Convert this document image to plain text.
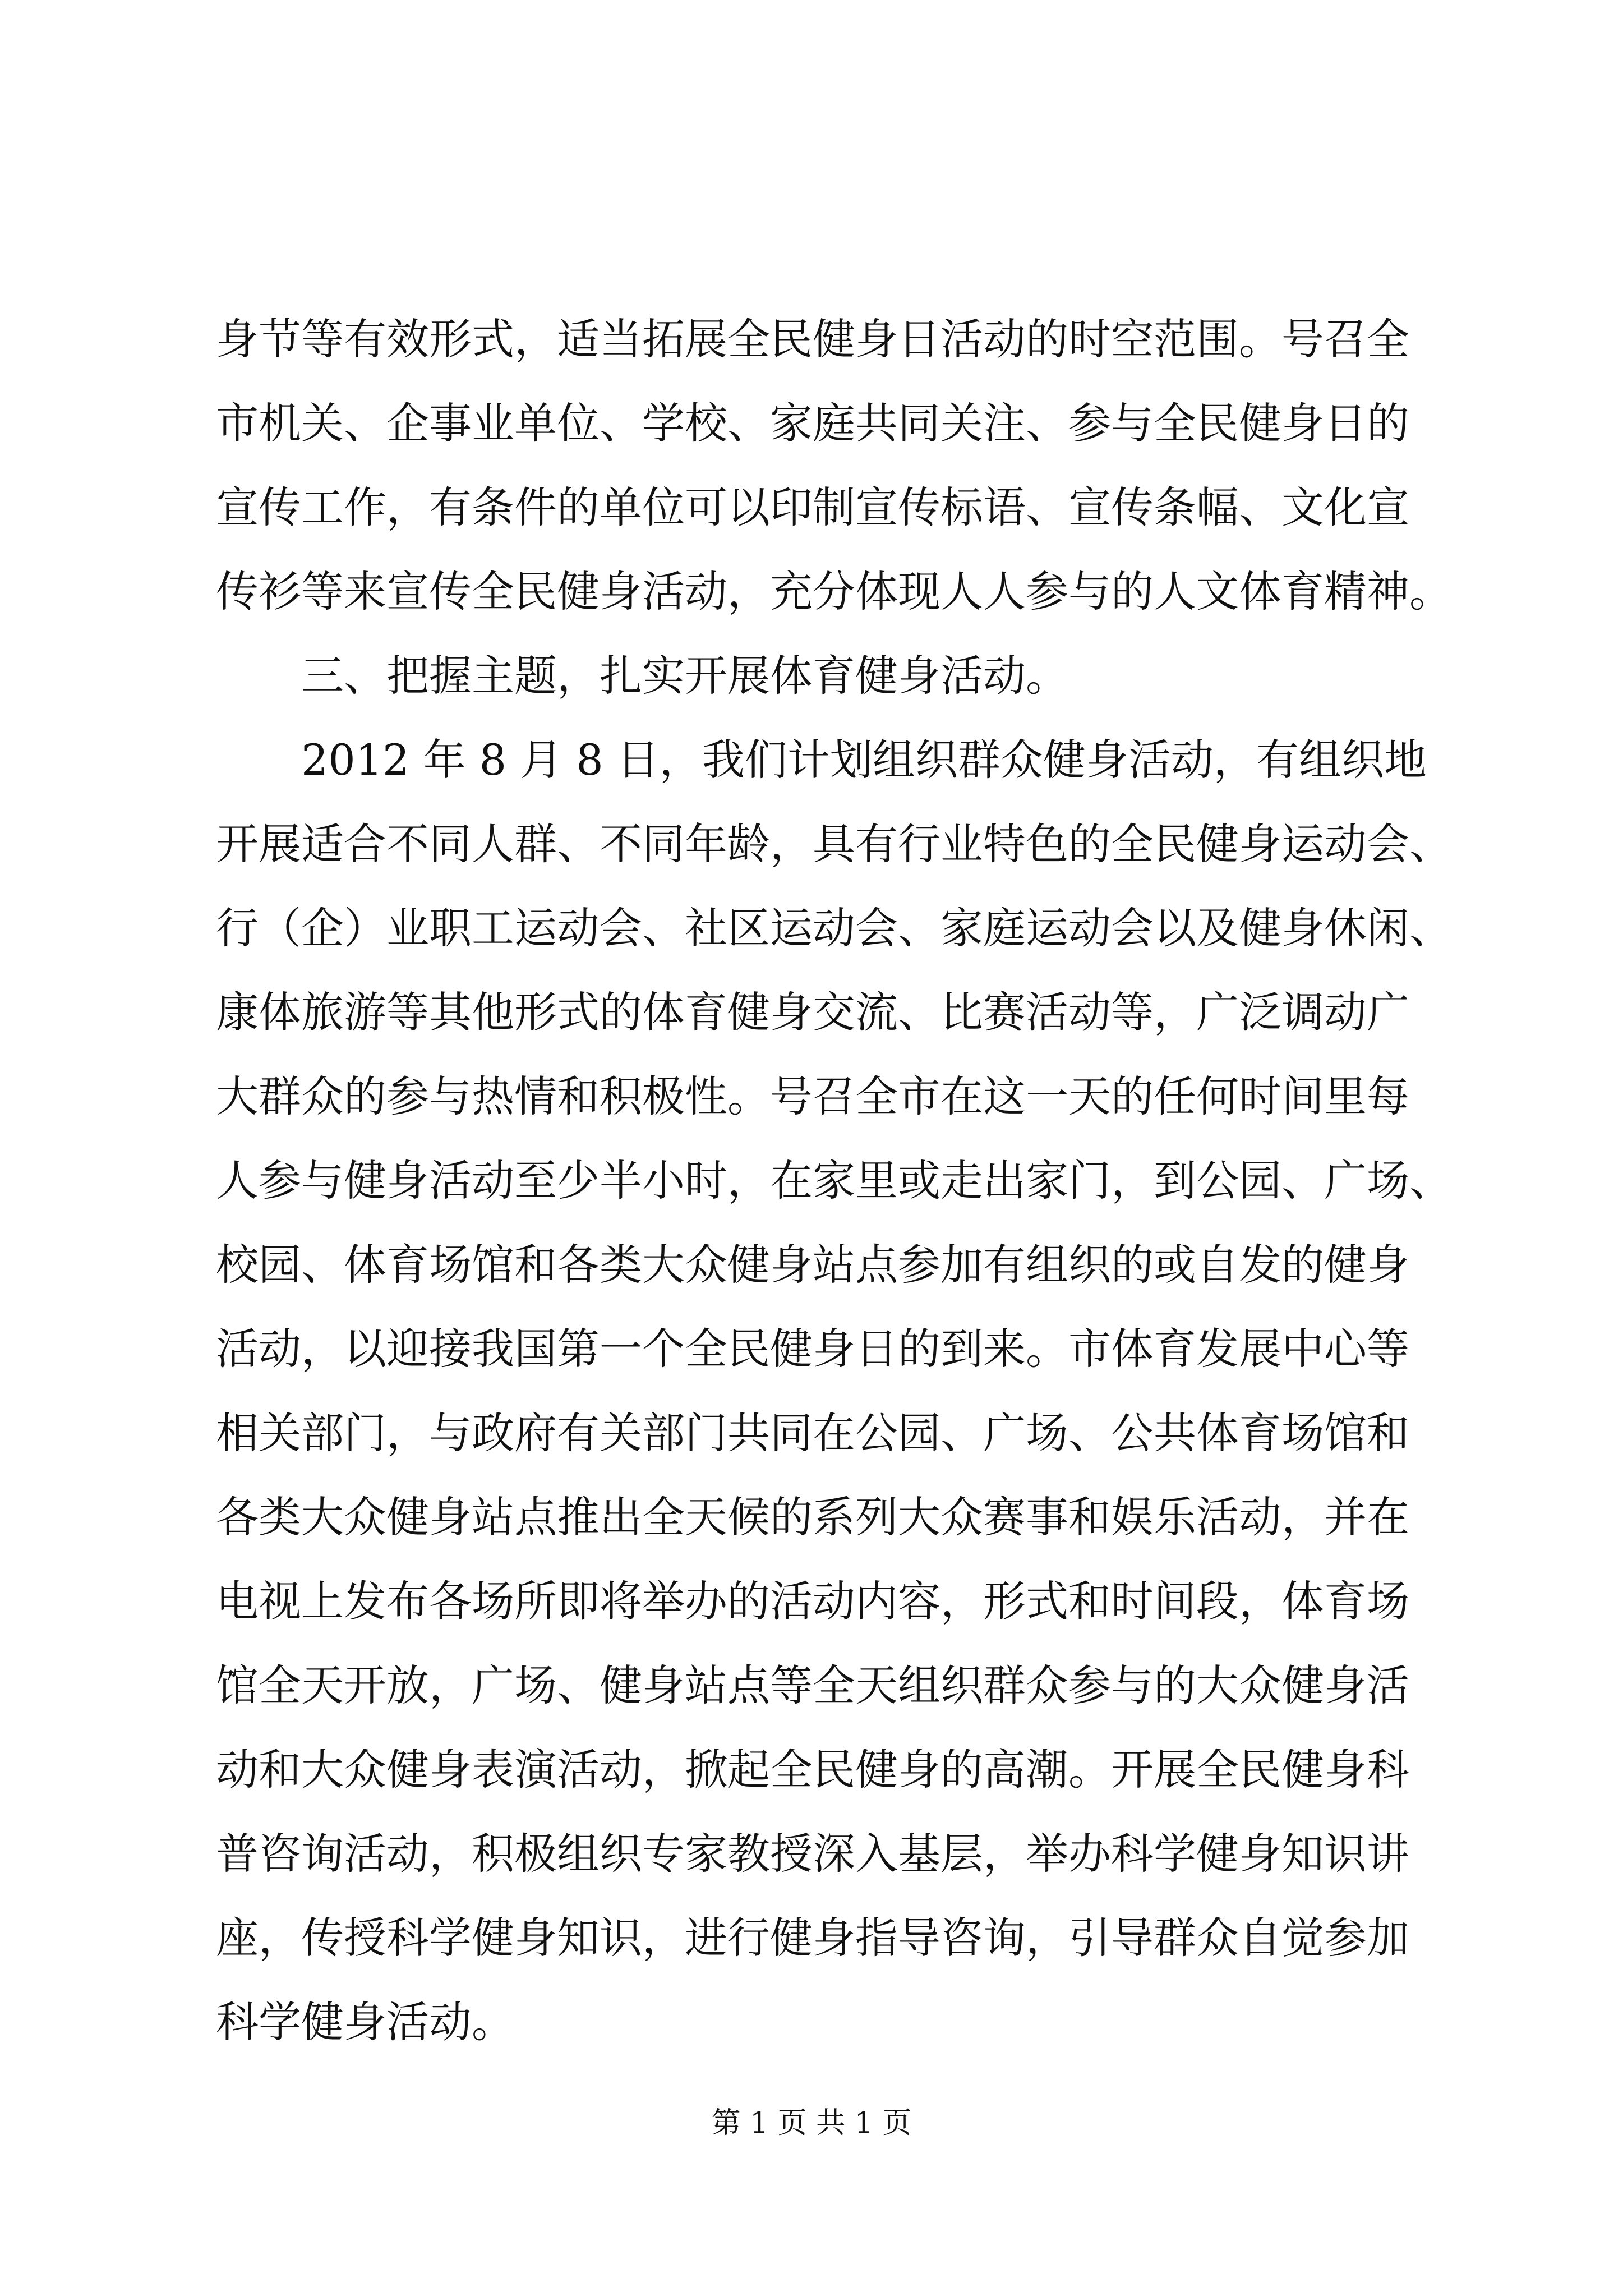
身节等有效形式，适当拓展全民健身日活动的时空范围。号召全
市机关、企事业单位、学校、家庭共同关注、参与全民健身日的
宣传工作，有条件的单位可以印制宣传标语、宣传条幅、文化宣
传衫等来宣传全民健身活动，充分体现人人参与的人文体育精神。
三、把握主题，扎实开展体育健身活动。
2012 年 8 月 8 日，我们计划组织群众健身活动，有组织地
开展适合不同人群、不同年龄，具有行业特色的全民健身运动会、
行（企）业职工运动会、社区运动会、家庭运动会以及健身休闲、
康体旅游等其他形式的体育健身交流、比赛活动等，广泛调动广
大群众的参与热情和积极性。号召全市在这一天的任何时间里每
人参与健身活动至少半小时，在家里或走出家门，到公园、广场、
校园、体育场馆和各类大众健身站点参加有组织的或自发的健身
活动，以迎接我国第一个全民健身日的到来。市体育发展中心等
相关部门，与政府有关部门共同在公园、广场、公共体育场馆和
各类大众健身站点推出全天候的系列大众赛事和娱乐活动，并在
电视上发布各场所即将举办的活动内容，形式和时间段，体育场
馆全天开放，广场、健身站点等全天组织群众参与的大众健身活
动和大众健身表演活动，掀起全民健身的高潮。开展全民健身科
普咨询活动，积极组织专家教授深入基层，举办科学健身知识讲
座，传授科学健身知识，进行健身指导咨询，引导群众自觉参加
科学健身活动。
第 1 页 共 1 页
